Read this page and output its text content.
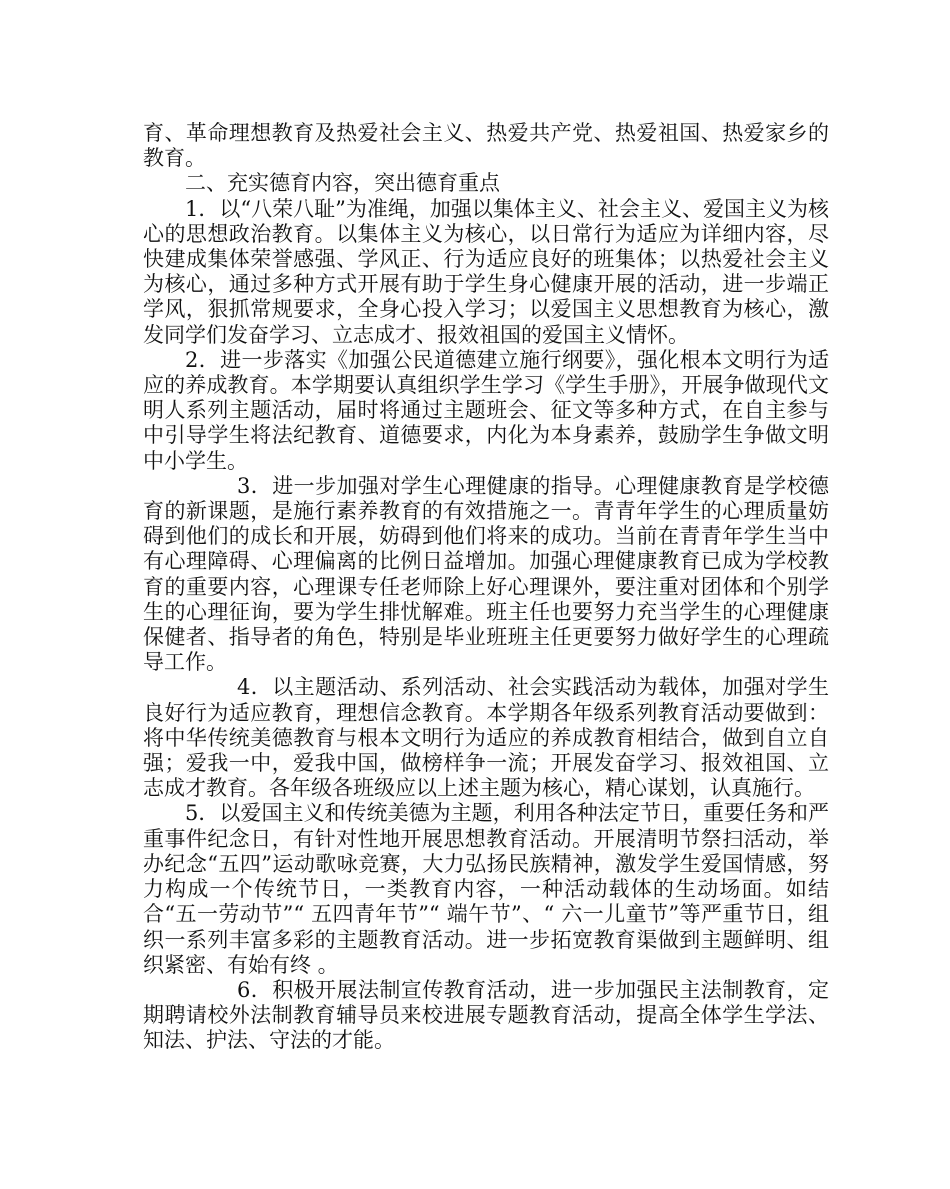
育、革命理想教育及热爱社会主义、热爱共产党、热爱祖国、热爱家乡的教育。

二、充实德育内容，突出德育重点

1．以“八荣八耻”为准绳，加强以集体主义、社会主义、爱国主义为核心的思想政治教育。以集体主义为核心，以日常行为适应为详细内容，尽快建成集体荣誉感强、学风正、行为适应良好的班集体；以热爱社会主义为核心，通过多种方式开展有助于学生身心健康开展的活动，进一步端正学风，狠抓常规要求，全身心投入学习；以爱国主义思想教育为核心，激发同学们发奋学习、立志成才、报效祖国的爱国主义情怀。

2．进一步落实《加强公民道德建立施行纲要》，强化根本文明行为适应的养成教育。本学期要认真组织学生学习《学生手册》，开展争做现代文明人系列主题活动，届时将通过主题班会、征文等多种方式，在自主参与中引导学生将法纪教育、道德要求，内化为本身素养，鼓励学生争做文明中小学生。

3．进一步加强对学生心理健康的指导。心理健康教育是学校德育的新课题，是施行素养教育的有效措施之一。青青年学生的心理质量妨碍到他们的成长和开展，妨碍到他们将来的成功。当前在青青年学生当中有心理障碍、心理偏离的比例日益增加。加强心理健康教育已成为学校教育的重要内容，心理课专任老师除上好心理课外，要注重对团体和个别学生的心理征询，要为学生排忧解难。班主任也要努力充当学生的心理健康保健者、指导者的角色，特别是毕业班班主任更要努力做好学生的心理疏导工作。

4．以主题活动、系列活动、社会实践活动为载体，加强对学生良好行为适应教育，理想信念教育。本学期各年级系列教育活动要做到：将中华传统美德教育与根本文明行为适应的养成教育相结合，做到自立自强；爱我一中，爱我中国，做榜样争一流；开展发奋学习、报效祖国、立志成才教育。各年级各班级应以上述主题为核心，精心谋划，认真施行。

5．以爱国主义和传统美德为主题，利用各种法定节日，重要任务和严重事件纪念日，有针对性地开展思想教育活动。开展清明节祭扫活动，举办纪念“五四”运动歌咏竞赛，大力弘扬民族精神，激发学生爱国情感，努力构成一个传统节日，一类教育内容，一种活动载体的生动场面。如结合“五一劳动节”“ 五四青年节”“ 端午节”、“ 六一儿童节”等严重节日，组织一系列丰富多彩的主题教育活动。进一步拓宽教育渠做到主题鲜明、组织紧密、有始有终 。

6．积极开展法制宣传教育活动，进一步加强民主法制教育，定期聘请校外法制教育辅导员来校进展专题教育活动，提高全体学生学法、知法、护法、守法的才能。
